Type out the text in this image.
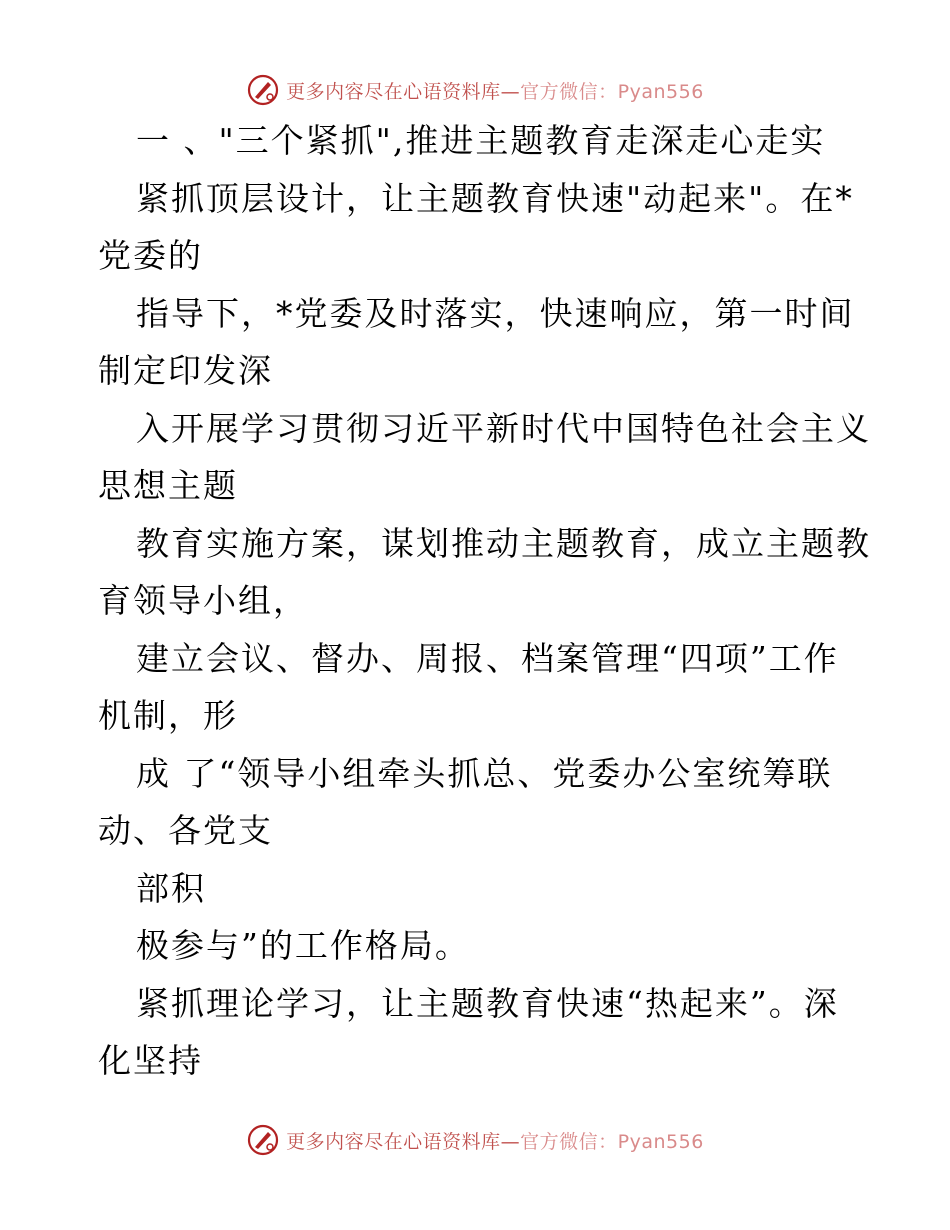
更多内容尽在心语资料库—官方微信：Pyan556
一 、"三个紧抓",推进主题教育走深走心走实
紧抓顶层设计，让主题教育快速"动起来"。在*
党委的
指导下，*党委及时落实，快速响应，第一时间
制定印发深
入开展学习贯彻习近平新时代中国特色社会主义
思想主题
教育实施方案，谋划推动主题教育，成立主题教
育领导小组，
建立会议、督办、周报、档案管理“四项”工作
机制，形
成 了“领导小组牵头抓总、党委办公室统筹联
动、各党支
部积
极参与”的工作格局。
紧抓理论学习，让主题教育快速“热起来”。深
化坚持
更多内容尽在心语资料库—官方微信：Pyan556
